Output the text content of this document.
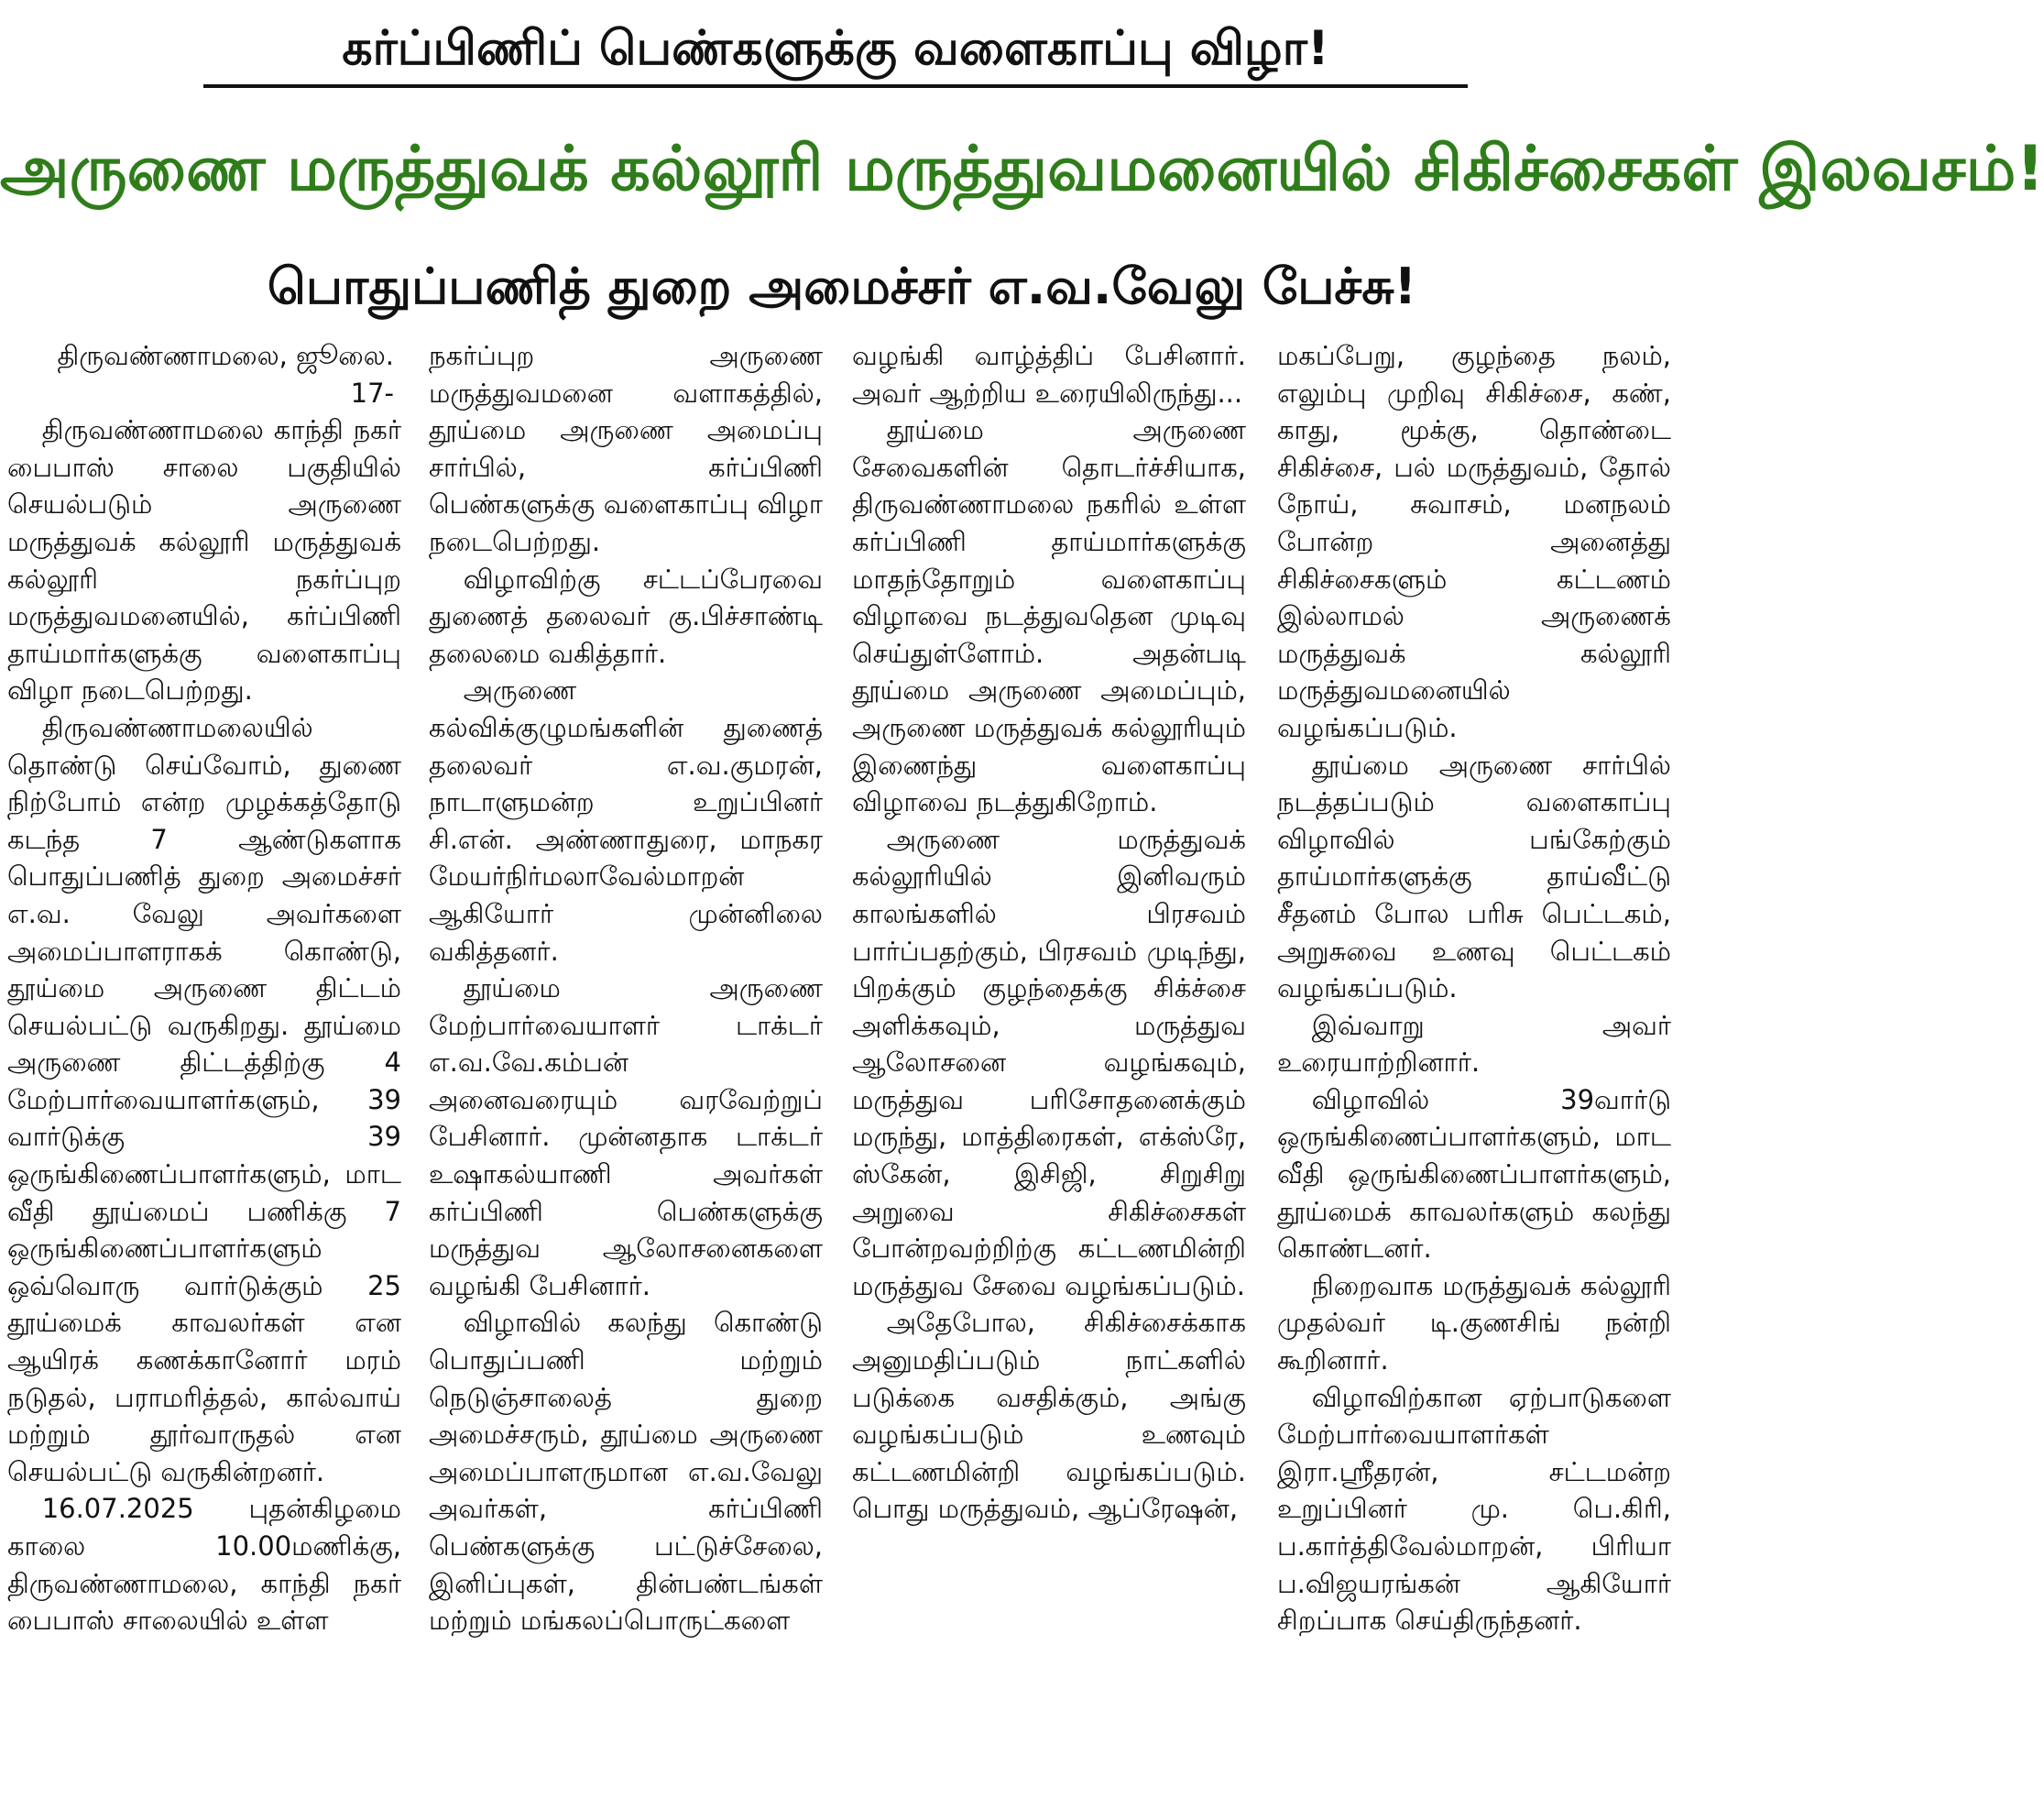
கர்ப்பிணிப் பெண்களுக்கு வளைகாப்பு விழா!
அருணை மருத்துவக் கல்லூரி மருத்துவமனையில் சிகிச்சைகள் இலவசம்!
பொதுப்பணித் துறை அமைச்சர் எ.வ.வேலு பேச்சு!

திருவண்ணாமலை, ஜூலை. 17-

திருவண்ணாமலை காந்தி நகர் பைபாஸ் சாலை பகுதியில் செயல்படும் அருணை மருத்துவக் கல்லூரி மருத்துவக் கல்லூரி நகர்ப்புற மருத்துவமனையில், கர்ப்பிணி தாய்மார்களுக்கு வளைகாப்பு விழா நடைபெற்றது.

திருவண்ணாமலையில் தொண்டு செய்வோம், துணை நிற்போம் என்ற முழக்கத்தோடு கடந்த 7 ஆண்டுகளாக பொதுப்பணித் துறை அமைச்சர் எ.வ. வேலு அவர்களை அமைப்பாளராகக் கொண்டு, தூய்மை அருணை திட்டம் செயல்பட்டு வருகிறது. தூய்மை அருணை திட்டத்திற்கு 4 மேற்பார்வையாளர்களும், 39 வார்டுக்கு 39 ஒருங்கிணைப்பாளர்களும், மாட வீதி தூய்மைப் பணிக்கு 7 ஒருங்கிணைப்பாளர்களும் ஒவ்வொரு வார்டுக்கும் 25 தூய்மைக் காவலர்கள் என ஆயிரக் கணக்கானோர் மரம் நடுதல், பராமரித்தல், கால்வாய் மற்றும் தூர்வாருதல் என செயல்பட்டு வருகின்றனர்.

16.07.2025 புதன்கிழமை காலை 10.00மணிக்கு, திருவண்ணாமலை, காந்தி நகர் பைபாஸ் சாலையில் உள்ள

நகர்ப்புற அருணை மருத்துவமனை வளாகத்தில், தூய்மை அருணை அமைப்பு சார்பில், கர்ப்பிணி பெண்களுக்கு வளைகாப்பு விழா நடைபெற்றது.

விழாவிற்கு சட்டப்பேரவை துணைத் தலைவர் கு.பிச்சாண்டி தலைமை வகித்தார்.

அருணை கல்விக்குழுமங்களின் துணைத் தலைவர் எ.வ.குமரன், நாடாளுமன்ற உறுப்பினர் சி.என். அண்ணாதுரை, மாநகர மேயர்நிர்மலாவேல்மாறன் ஆகியோர் முன்னிலை வகித்தனர்.

தூய்மை அருணை மேற்பார்வையாளர் டாக்டர் எ.வ.வே.கம்பன் அனைவரையும் வரவேற்றுப் பேசினார். முன்னதாக டாக்டர் உஷாகல்யாணி அவர்கள் கர்ப்பிணி பெண்களுக்கு மருத்துவ ஆலோசனைகளை வழங்கி பேசினார்.

விழாவில் கலந்து கொண்டு பொதுப்பணி மற்றும் நெடுஞ்சாலைத் துறை அமைச்சரும், தூய்மை அருணை அமைப்பாளருமான எ.வ.வேலு அவர்கள், கர்ப்பிணி பெண்களுக்கு பட்டுச்சேலை, இனிப்புகள், தின்பண்டங்கள் மற்றும் மங்கலப்பொருட்களை

வழங்கி வாழ்த்திப் பேசினார். அவர் ஆற்றிய உரையிலிருந்து...

தூய்மை அருணை சேவைகளின் தொடர்ச்சியாக, திருவண்ணாமலை நகரில் உள்ள கர்ப்பிணி தாய்மார்களுக்கு மாதந்தோறும் வளைகாப்பு விழாவை நடத்துவதென முடிவு செய்துள்ளோம். அதன்படி தூய்மை அருணை அமைப்பும், அருணை மருத்துவக் கல்லூரியும் இணைந்து வளைகாப்பு விழாவை நடத்துகிறோம்.

அருணை மருத்துவக் கல்லூரியில் இனிவரும் காலங்களில் பிரசவம் பார்ப்பதற்கும், பிரசவம் முடிந்து, பிறக்கும் குழந்தைக்கு சிக்ச்சை அளிக்கவும், மருத்துவ ஆலோசனை வழங்கவும், மருத்துவ பரிசோதனைக்கும் மருந்து, மாத்திரைகள், எக்ஸ்ரே, ஸ்கேன், இசிஜி, சிறுசிறு அறுவை சிகிச்சைகள் போன்றவற்றிற்கு கட்டணமின்றி மருத்துவ சேவை வழங்கப்படும்.

அதேபோல, சிகிச்சைக்காக அனுமதிப்படும் நாட்களில் படுக்கை வசதிக்கும், அங்கு வழங்கப்படும் உணவும் கட்டணமின்றி வழங்கப்படும். பொது மருத்துவம், ஆப்ரேஷன்,

மகப்பேறு, குழந்தை நலம், எலும்பு முறிவு சிகிச்சை, கண், காது, மூக்கு, தொண்டை சிகிச்சை, பல் மருத்துவம், தோல் நோய், சுவாசம், மனநலம் போன்ற அனைத்து சிகிச்சைகளும் கட்டணம் இல்லாமல் அருணைக் மருத்துவக் கல்லூரி மருத்துவமனையில் வழங்கப்படும்.

தூய்மை அருணை சார்பில் நடத்தப்படும் வளைகாப்பு விழாவில் பங்கேற்கும் தாய்மார்களுக்கு தாய்வீட்டு சீதனம் போல பரிசு பெட்டகம், அறுசுவை உணவு பெட்டகம் வழங்கப்படும்.

இவ்வாறு அவர் உரையாற்றினார்.

விழாவில் 39வார்டு ஒருங்கிணைப்பாளர்களும், மாட வீதி ஒருங்கிணைப்பாளர்களும், தூய்மைக் காவலர்களும் கலந்து கொண்டனர்.

நிறைவாக மருத்துவக் கல்லூரி முதல்வர் டி.குணசிங் நன்றி கூறினார்.

விழாவிற்கான ஏற்பாடுகளை மேற்பார்வையாளர்கள் இரா.ஸ்ரீதரன், சட்டமன்ற உறுப்பினர் மு. பெ.கிரி, ப.கார்த்திவேல்மாறன், பிரியா ப.விஜயரங்கன் ஆகியோர் சிறப்பாக செய்திருந்தனர்.
